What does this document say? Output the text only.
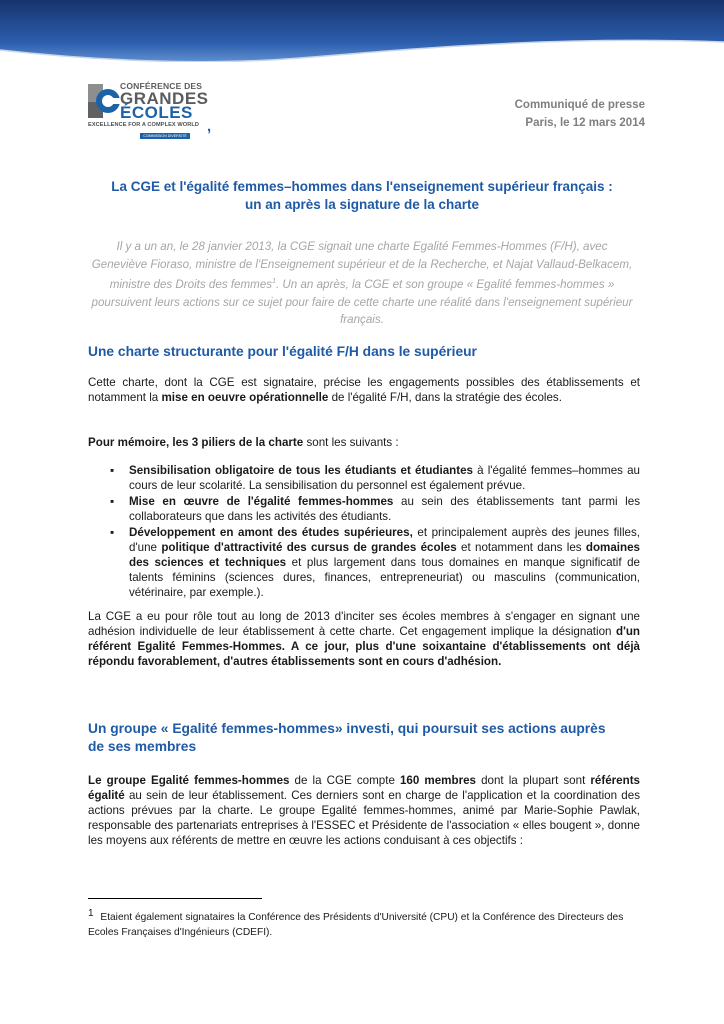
CONFÉRENCE DES
GRANDES
ÉCOLES
EXCELLENCE FOR A COMPLEX WORLD ,
COMMISSION DIVERSITÉ
Communiqué de presse
Paris, le 12 mars 2014
La CGE et l'égalité femmes–hommes dans l'enseignement supérieur français :
un an après la signature de la charte
Il y a un an, le 28 janvier 2013, la CGE signait une charte Egalité Femmes-Hommes (F/H), avec Geneviève Fioraso, ministre de l'Enseignement supérieur et de la Recherche, et Najat Vallaud-Belkacem, ministre des Droits des femmes$^1$. Un an après, la CGE et son groupe « Egalité femmes-hommes » poursuivent leurs actions sur ce sujet pour faire de cette charte une réalité dans l'enseignement supérieur français.
Une charte structurante pour l'égalité F/H dans le supérieur
Cette charte, dont la CGE est signataire, précise les engagements possibles des établissements et notamment la mise en oeuvre opérationnelle de l'égalité F/H, dans la stratégie des écoles.
Pour mémoire, les 3 piliers de la charte sont les suivants :
▪ Sensibilisation obligatoire de tous les étudiants et étudiantes à l'égalité femmes–hommes au cours de leur scolarité. La sensibilisation du personnel est également prévue.
▪ Mise en œuvre de l'égalité femmes-hommes au sein des établissements tant parmi les collaborateurs que dans les activités des étudiants.
▪ Développement en amont des études supérieures, et principalement auprès des jeunes filles, d'une politique d'attractivité des cursus de grandes écoles et notamment dans les domaines des sciences et techniques et plus largement dans tous domaines en manque significatif de talents féminins (sciences dures, finances, entrepreneuriat) ou masculins (communication, vétérinaire, par exemple.).
La CGE a eu pour rôle tout au long de 2013 d'inciter ses écoles membres à s'engager en signant une adhésion individuelle de leur établissement à cette charte. Cet engagement implique la désignation d'un référent Egalité Femmes-Hommes. A ce jour, plus d'une soixantaine d'établissements ont déjà répondu favorablement, d'autres établissements sont en cours d'adhésion.
Un groupe « Egalité femmes-hommes» investi, qui poursuit ses actions auprès
de ses membres
Le groupe Egalité femmes-hommes de la CGE compte 160 membres dont la plupart sont référents égalité au sein de leur établissement. Ces derniers sont en charge de l'application et la coordination des actions prévues par la charte. Le groupe Egalité femmes-hommes, animé par Marie-Sophie Pawlak, responsable des partenariats entreprises à l'ESSEC et Présidente de l'association « elles bougent », donne les moyens aux référents de mettre en œuvre les actions conduisant à ces objectifs :
$^1$ Etaient également signataires la Conférence des Présidents d'Université (CPU) et la Conférence des Directeurs des Ecoles Françaises d'Ingénieurs (CDEFI).
